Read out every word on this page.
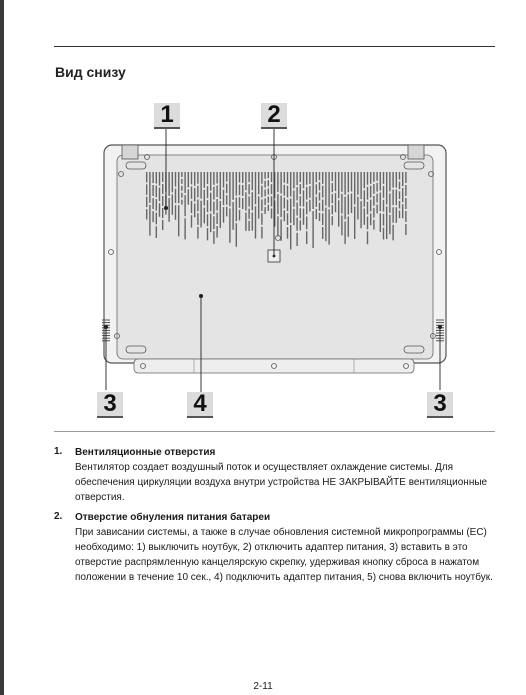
Вид снизу
1	2
3	4	3
1. Вентиляционные отверстия
Вентилятор создает воздушный поток и осуществляет охлаждение системы. Для обеспечения циркуляции воздуха внутри устройства НЕ ЗАКРЫВАЙТЕ вентиляционные отверстия.
2. Отверстие обнуления питания батареи
При зависании системы, а также в случае обновления системной микропрограммы (EC) необходимо: 1) выключить ноутбук, 2) отключить адаптер питания, 3) вставить в это отверстие распрямленную канцелярскую скрепку, удерживая кнопку сброса в нажатом положении в течение 10 сек., 4) подключить адаптер питания, 5) снова включить ноутбук.
2-11
